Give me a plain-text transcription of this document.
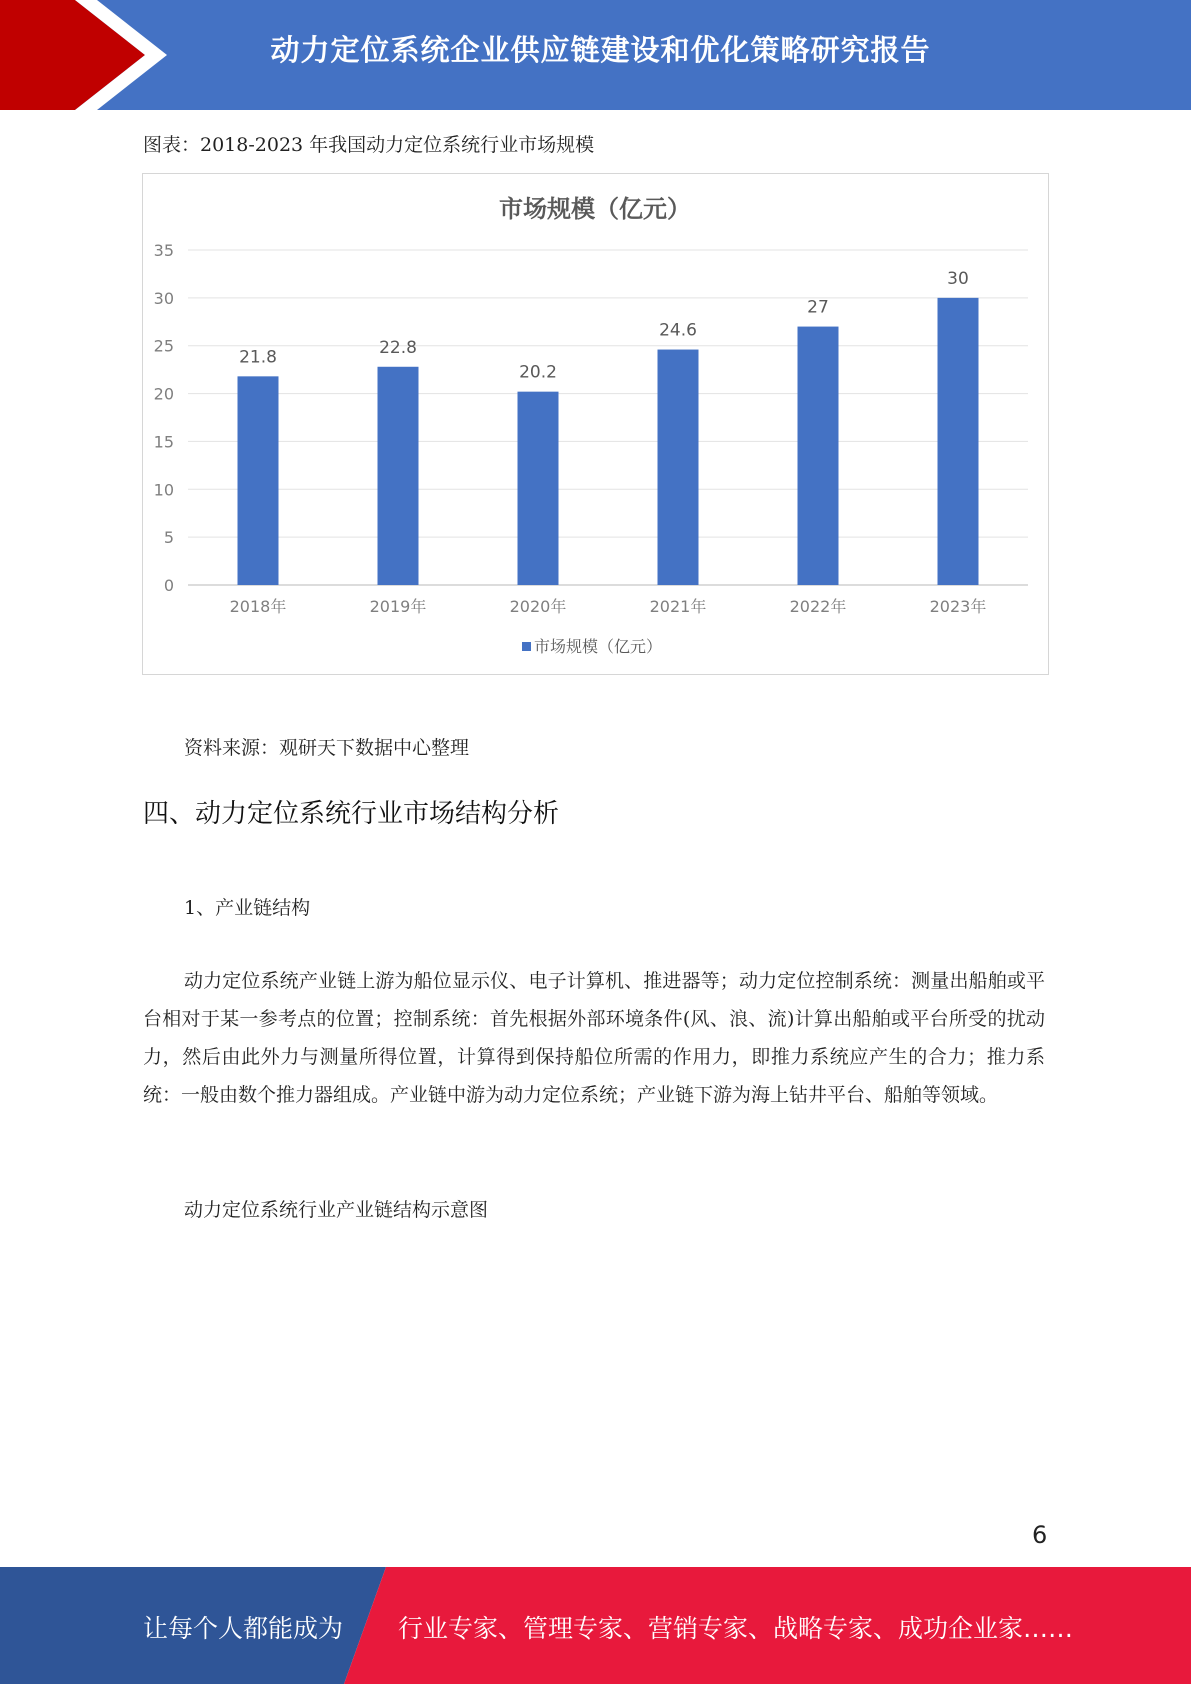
动力定位系统企业供应链建设和优化策略研究报告
图表：2018-2023 年我国动力定位系统行业市场规模
市场规模（亿元）
0
5
10
15
20
25
30
35
21.8	22.8
20.2
24.6
27
30
2018年	2019年	2020年	2021年	2022年	2023年
市场规模（亿元）
资料来源：观研天下数据中心整理
四、动力定位系统行业市场结构分析
1、产业链结构
动力定位系统产业链上游为船位显示仪、电子计算机、推进器等；动力定位控制系统：测量出船舶或平台相对于某一参考点的位置；控制系统：首先根据外部环境条件(风、浪、流)计算出船舶或平台所受的扰动力，然后由此外力与测量所得位置，计算得到保持船位所需的作用力，即推力系统应产生的合力；推力系统：一般由数个推力器组成。产业链中游为动力定位系统；产业链下游为海上钻井平台、船舶等领域。
动力定位系统行业产业链结构示意图
6
让每个人都能成为 行业专家、管理专家、营销专家、战略专家、成功企业家……
